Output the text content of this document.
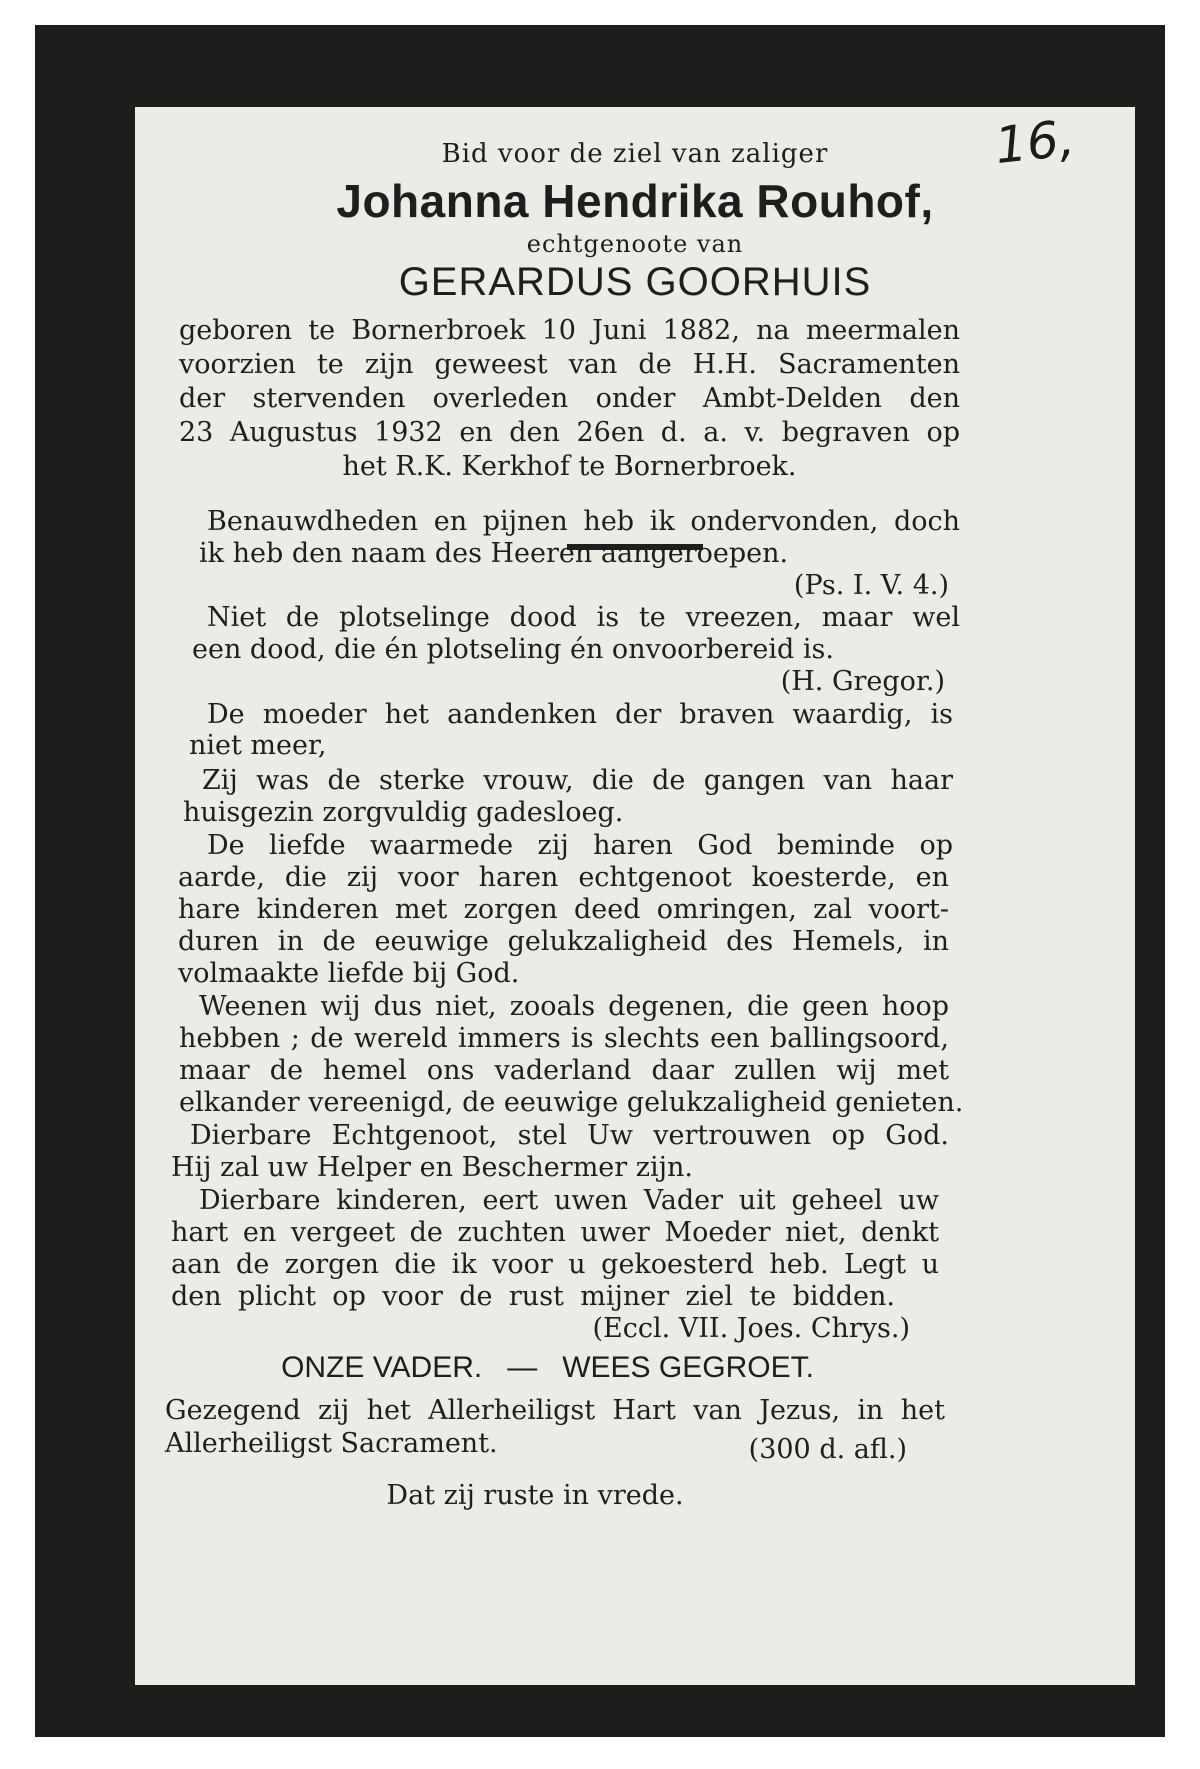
16,
Bid voor de ziel van zaliger
Johanna Hendrika Rouhof,
echtgenoote van
GERARDUS GOORHUIS
geboren te Bornerbroek 10 Juni 1882, na meermalen
voorzien te zijn geweest van de H.H. Sacramenten
der stervenden overleden onder Ambt-Delden den
23 Augustus 1932 en den 26en d. a. v. begraven op
het R.K. Kerkhof te Bornerbroek.
Benauwdheden en pijnen heb ik ondervonden, doch
ik heb den naam des Heeren aangeroepen.
(Ps. I. V. 4.)
Niet de plotselinge dood is te vreezen, maar wel
een dood, die én plotseling én onvoorbereid is.
(H. Gregor.)
De moeder het aandenken der braven waardig, is
niet meer,
Zij was de sterke vrouw, die de gangen van haar
huisgezin zorgvuldig gadesloeg.
De liefde waarmede zij haren God beminde op
aarde, die zij voor haren echtgenoot koesterde, en
hare kinderen met zorgen deed omringen, zal voort-
duren in de eeuwige gelukzaligheid des Hemels, in
volmaakte liefde bij God.
Weenen wij dus niet, zooals degenen, die geen hoop
hebben ; de wereld immers is slechts een ballingsoord,
maar de hemel ons vaderland daar zullen wij met
elkander vereenigd, de eeuwige gelukzaligheid genieten.
Dierbare Echtgenoot, stel Uw vertrouwen op God.
Hij zal uw Helper en Beschermer zijn.
Dierbare kinderen, eert uwen Vader uit geheel uw
hart en vergeet de zuchten uwer Moeder niet, denkt
aan de zorgen die ik voor u gekoesterd heb. Legt u
den plicht op voor de rust mijner ziel te bidden.
(Eccl. VII. Joes. Chrys.)
ONZE VADER.   —   WEES GEGROET.
Gezegend zij het Allerheiligst Hart van Jezus, in het
Allerheiligst Sacrament.	(300 d. afl.)
Dat zij ruste in vrede.
